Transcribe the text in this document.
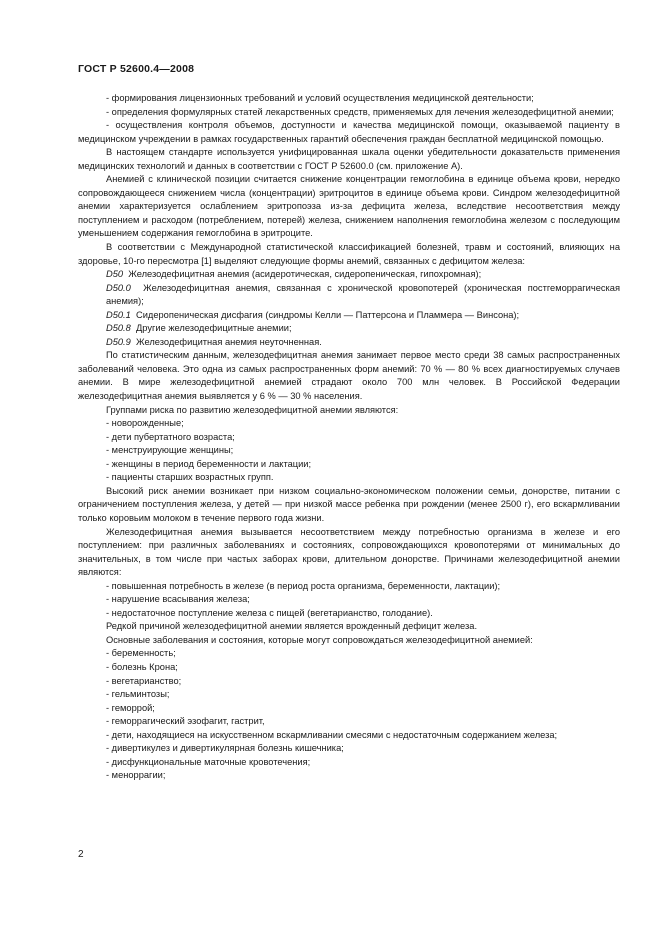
ГОСТ Р 52600.4—2008

- формирования лицензионных требований и условий осуществления медицинской деятельности;

- определения формулярных статей лекарственных средств, применяемых для лечения железодефицитной анемии;

- осуществления контроля объемов, доступности и качества медицинской помощи, оказываемой пациенту в медицинском учреждении в рамках государственных гарантий обеспечения граждан бесплатной медицинской помощью.

В настоящем стандарте используется унифицированная шкала оценки убедительности доказательств применения медицинских технологий и данных в соответствии с ГОСТ Р 52600.0 (см. приложение А).

Анемией с клинической позиции считается снижение концентрации гемоглобина в единице объема крови, нередко сопровождающееся снижением числа (концентрации) эритроцитов в единице объема крови. Синдром железодефицитной анемии характеризуется ослаблением эритропоэза из-за дефицита железа, вследствие несоответствия между поступлением и расходом (потреблением, потерей) железа, снижением наполнения гемоглобина железом с последующим уменьшением содержания гемоглобина в эритроците.

В соответствии с Международной статистической классификацией болезней, травм и состояний, влияющих на здоровье, 10-го пересмотра [1] выделяют следующие формы анемий, связанных с дефицитом железа:

D50 Железодефицитная анемия (асидеротическая, сидеропеническая, гипохромная);

D50.0 Железодефицитная анемия, связанная с хронической кровопотерей (хроническая постгеморрагическая анемия);

D50.1 Сидеропеническая дисфагия (синдромы Келли — Паттерсона и Пламмера — Винсона);

D50.8 Другие железодефицитные анемии;

D50.9 Железодефицитная анемия неуточненная.

По статистическим данным, железодефицитная анемия занимает первое место среди 38 самых распространенных заболеваний человека. Это одна из самых распространенных форм анемий: 70 % — 80 % всех диагностируемых случаев анемии. В мире железодефицитной анемией страдают около 700 млн человек. В Российской Федерации железодефицитная анемия выявляется у 6 % — 30 % населения.

Группами риска по развитию железодефицитной анемии являются:

- новорожденные;

- дети пубертатного возраста;

- менструирующие женщины;

- женщины в период беременности и лактации;

- пациенты старших возрастных групп.

Высокий риск анемии возникает при низком социально-экономическом положении семьи, донорстве, питании с ограничением поступления железа, у детей — при низкой массе ребенка при рождении (менее 2500 г), его вскармливании только коровьим молоком в течение первого года жизни.

Железодефицитная анемия вызывается несоответствием между потребностью организма в железе и его поступлением: при различных заболеваниях и состояниях, сопровождающихся кровопотерями от минимальных до значительных, в том числе при частых заборах крови, длительном донорстве. Причинами железодефицитной анемии являются:

- повышенная потребность в железе (в период роста организма, беременности, лактации);

- нарушение всасывания железа;

- недостаточное поступление железа с пищей (вегетарианство, голодание).

Редкой причиной железодефицитной анемии является врожденный дефицит железа.

Основные заболевания и состояния, которые могут сопровождаться железодефицитной анемией:

- беременность;

- болезнь Крона;

- вегетарианство;

- гельминтозы;

- геморрой;

- геморрагический эзофагит, гастрит,

- дети, находящиеся на искусственном вскармливании смесями с недостаточным содержанием железа;

- дивертикулез и дивертикулярная болезнь кишечника;

- дисфункциональные маточные кровотечения;

- меноррагии;

2
